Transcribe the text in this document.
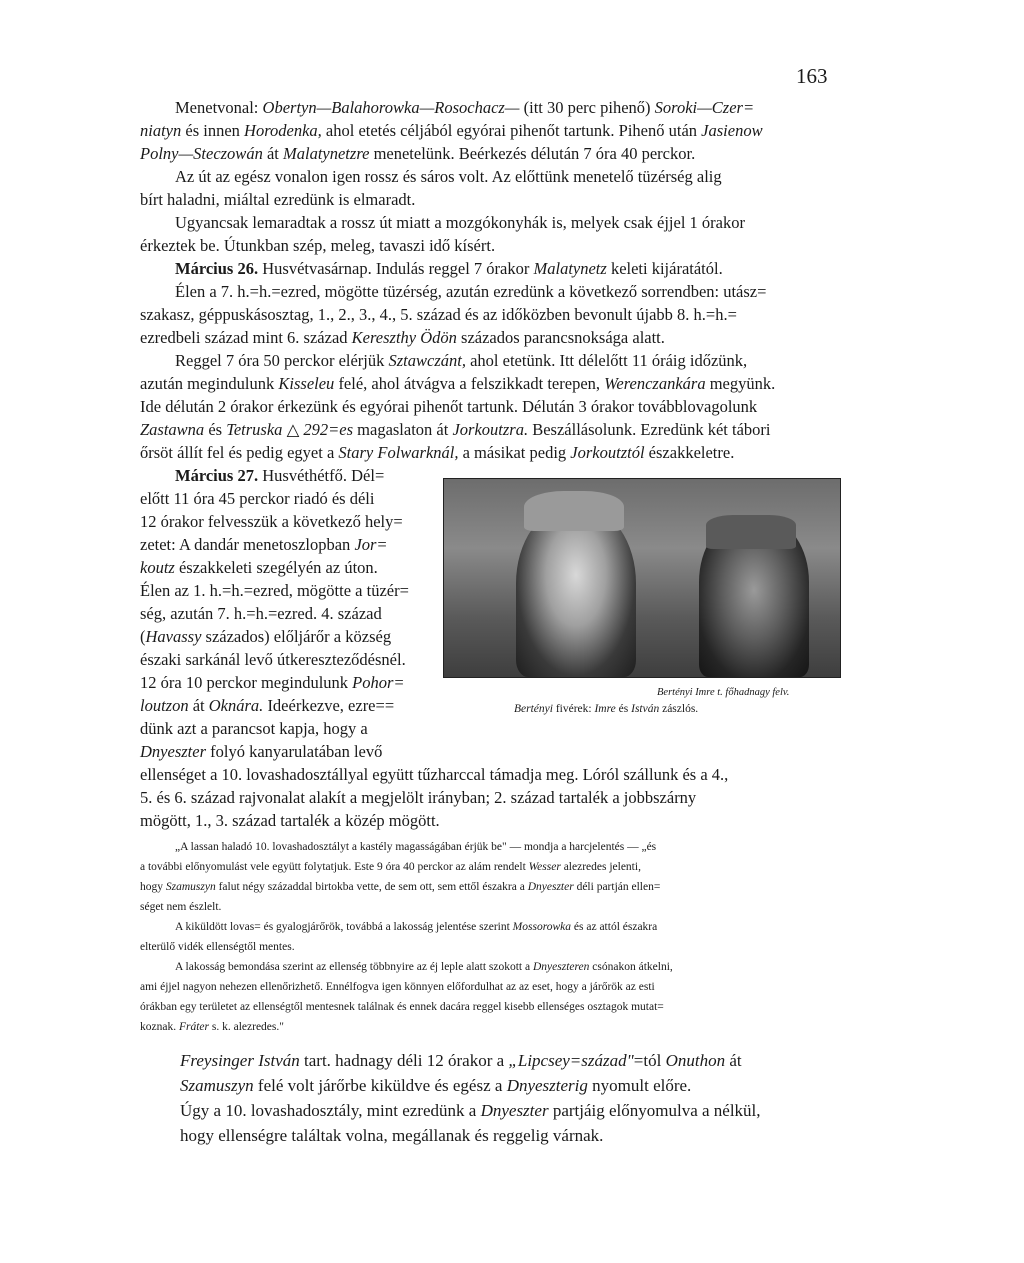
163
Menetvonal: Obertyn—Balahorowka—Rosochacz— (itt 30 perc pihenő) Soroki—Czer=
niatyn és innen Horodenka, ahol etetés céljából egyórai pihenőt tartunk. Pihenő után Jasienow
Polny—Steczowán át Malatynetzre menetelünk. Beérkezés délután 7 óra 40 perckor.
Az út az egész vonalon igen rossz és sáros volt. Az előttünk menetelő tüzérség alig
bírt haladni, miáltal ezredünk is elmaradt.
Ugyancsak lemaradtak a rossz út miatt a mozgókonyhák is, melyek csak éjjel 1 órakor
érkeztek be. Útunkban szép, meleg, tavaszi idő kísért.
Március 26. Husvétvasárnap. Indulás reggel 7 órakor Malatynetz keleti kijáratától.
Élen a 7. h.=h.=ezred, mögötte tüzérség, azután ezredünk a következő sorrendben: utász=
szakasz, géppuskásosztag, 1., 2., 3., 4., 5. század és az időközben bevonult újabb 8. h.=h.=
ezredbeli század mint 6. század Kereszthy Ödön százados parancsnoksága alatt.
Reggel 7 óra 50 perckor elérjük Sztawczánt, ahol etetünk. Itt délelőtt 11 óráig időzünk,
azután megindulunk Kisseleu felé, ahol átvágva a felszikkadt terepen, Werenczankára megyünk.
Ide délután 2 órakor érkezünk és egyórai pihenőt tartunk. Délután 3 órakor továbblovagolunk
Zastawna és Tetruska △ 292=es magaslaton át Jorkoutzra. Beszállásolunk. Ezredünk két tábori
őrsöt állít fel és pedig egyet a Stary Folwarknál, a másikat pedig Jorkoutztól északkeletre.
Március 27. Husvéthétfő. Dél=
előtt 11 óra 45 perckor riadó és déli
12 órakor felvesszük a következő hely=
zetet: A dandár menetoszlopban Jor=
koutz északkeleti szegélyén az úton.
Élen az 1. h.=h.=ezred, mögötte a tüzér=
ség, azután 7. h.=h.=ezred. 4. század
(Havassy százados) előljárőr a község
északi sarkánál levő útkereszteződésnél.
12 óra 10 perckor megindulunk Pohor=
loutzon át Oknára. Ideérkezve, ezre==
dünk azt a parancsot kapja, hogy a
Dnyeszter folyó kanyarulatában levő
ellenséget a 10. lovashadosztállyal együtt tűzharccal támadja meg. Lóról szállunk és a 4.,
5. és 6. század rajvonalat alakít a megjelölt irányban; 2. század tartalék a jobbszárny
mögött, 1., 3. század tartalék a közép mögött.
Bertényi Imre t. főhadnagy felv.
Bertényi fivérek: Imre és István zászlós.
„A lassan haladó 10. lovashadosztályt a kastély magasságában érjük be" — mondja a harcjelentés — „és
a további előnyomulást vele együtt folytatjuk. Este 9 óra 40 perckor az alám rendelt Wesser alezredes jelenti,
hogy Szamuszyn falut négy századdal birtokba vette, de sem ott, sem ettől északra a Dnyeszter déli partján ellen=
séget nem észlelt.
A kiküldött lovas= és gyalogjárőrök, továbbá a lakosság jelentése szerint Mossorowka és az attól északra
elterülő vidék ellenségtől mentes.
A lakosság bemondása szerint az ellenség többnyire az éj leple alatt szokott a Dnyeszteren csónakon átkelni,
ami éjjel nagyon nehezen ellenőrizhető. Ennélfogva igen könnyen előfordulhat az az eset, hogy a járőrök az esti
órákban egy területet az ellenségtől mentesnek találnak és ennek dacára reggel kisebb ellenséges osztagok mutat=
koznak. Fráter s. k. alezredes."
Freysinger István tart. hadnagy déli 12 órakor a „Lipcsey=század"=tól Onuthon át
Szamuszyn felé volt járőrbe kiküldve és egész a Dnyeszterig nyomult előre.
Úgy a 10. lovashadosztály, mint ezredünk a Dnyeszter partjáig előnyomulva a nélkül,
hogy ellenségre találtak volna, megállanak és reggelig várnak.
